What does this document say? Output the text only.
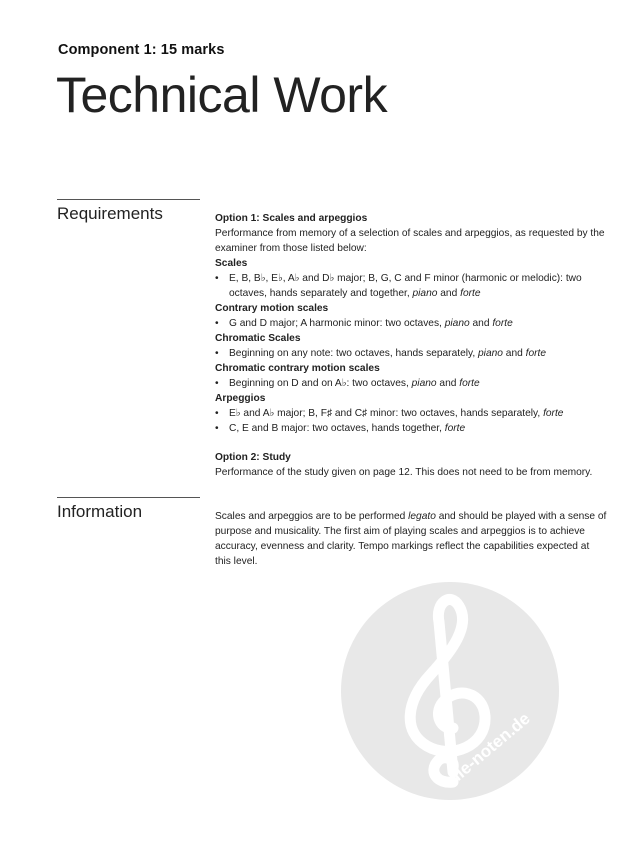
Component 1: 15 marks
Technical Work
Requirements	Option 1: Scales and arpeggios
Performance from memory of a selection of scales and arpeggios, as requested by the examiner from those listed below:
Scales
• E, B, B♭, E♭, A♭ and D♭ major; B, G, C and F minor (harmonic or melodic): two octaves, hands separately and together, piano and forte
Contrary motion scales
• G and D major; A harmonic minor: two octaves, piano and forte
Chromatic Scales
• Beginning on any note: two octaves, hands separately, piano and forte
Chromatic contrary motion scales
• Beginning on D and on A♭: two octaves, piano and forte
Arpeggios
• E♭ and A♭ major; B, F♯ and C♯ minor: two octaves, hands separately, forte
• C, E and B major: two octaves, hands together, forte
Option 2: Study
Performance of the study given on page 12. This does not need to be from memory.
Information	Scales and arpeggios are to be performed legato and should be played with a sense of purpose and musicality. The first aim of playing scales and arpeggios is to achieve accuracy, evenness and clarity. Tempo markings reflect the capabilities expected at this level.
alle-noten.de
